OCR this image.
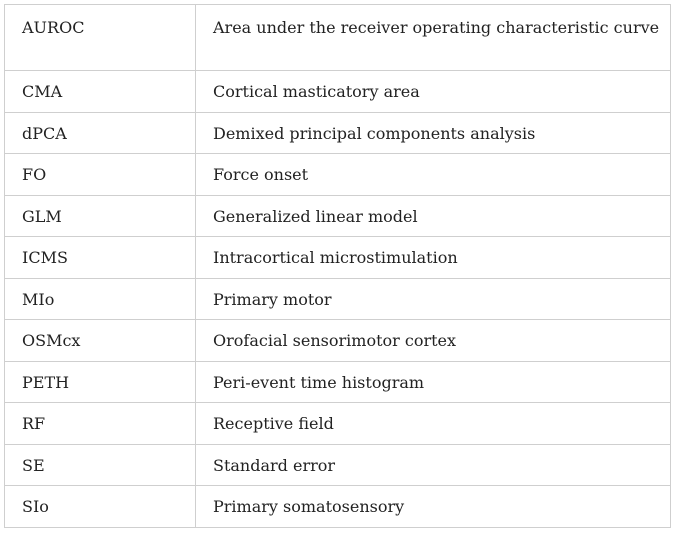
AUROC	Area under the receiver operating characteristic curve
CMA	Cortical masticatory area
dPCA	Demixed principal components analysis
FO	Force onset
GLM	Generalized linear model
ICMS	Intracortical microstimulation
MIo	Primary motor
OSMcx	Orofacial sensorimotor cortex
PETH	Peri-event time histogram
RF	Receptive field
SE	Standard error
SIo	Primary somatosensory
